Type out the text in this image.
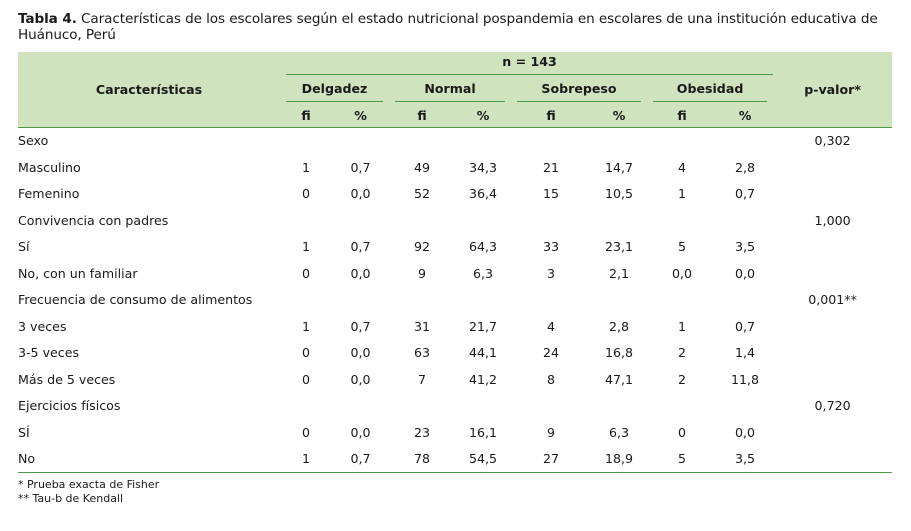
Tabla 4. Características de los escolares según el estado nutricional pospandemia en escolares de una institución educativa de Huánuco, Perú
Características	n = 143								p-valor*

	Delgadez		Normal		Sobrepeso		Obesidad		

	fi	%	fi	%	fi	%	fi	%	
Sexo									0,302
Masculino	1	0,7	49	34,3	21	14,7	4	2,8	
Femenino	0	0,0	52	36,4	15	10,5	1	0,7	
Convivencia con padres									1,000
Sí	1	0,7	92	64,3	33	23,1	5	3,5	
No, con un familiar	0	0,0	9	6,3	3	2,1	0,0	0,0	
Frecuencia de consumo de alimentos									0,001**
3 veces	1	0,7	31	21,7	4	2,8	1	0,7	
3-5 veces	0	0,0	63	44,1	24	16,8	2	1,4	
Más de 5 veces	0	0,0	7	41,2	8	47,1	2	11,8	
Ejercicios físicos									0,720
SÍ	0	0,0	23	16,1	9	6,3	0	0,0	
No	1	0,7	78	54,5	27	18,9	5	3,5	
* Prueba exacta de Fisher
** Tau-b de Kendall
